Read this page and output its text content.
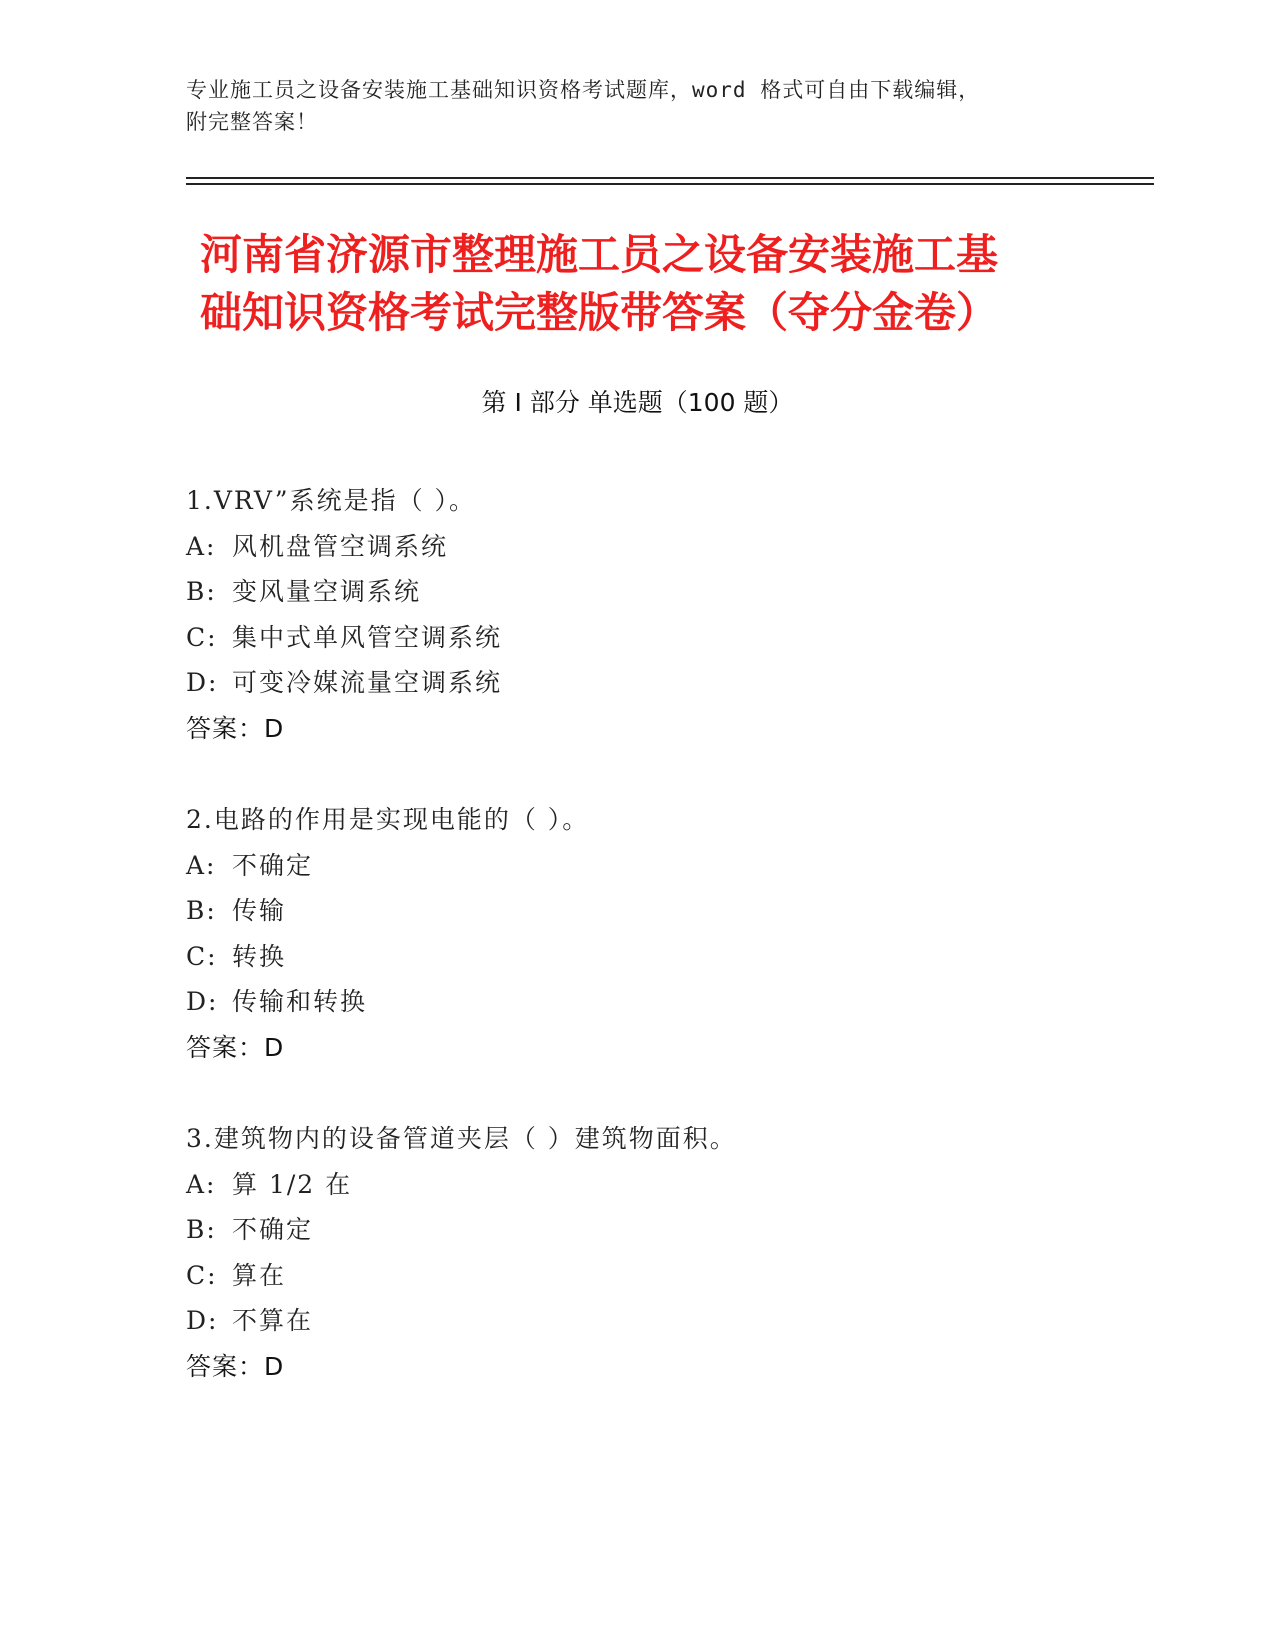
专业施工员之设备安装施工基础知识资格考试题库，word 格式可自由下载编辑，
附完整答案！
河南省济源市整理施工员之设备安装施工基
础知识资格考试完整版带答案（夺分金卷）
第 I 部分 单选题（100 题）
1.VRV”系统是指（ ）。
A: 风机盘管空调系统
B: 变风量空调系统
C: 集中式单风管空调系统
D: 可变冷媒流量空调系统
答案：D
2.电路的作用是实现电能的（ ）。
A: 不确定
B: 传输
C: 转换
D: 传输和转换
答案：D
3.建筑物内的设备管道夹层（ ）建筑物面积。
A: 算 1/2 在
B: 不确定
C: 算在
D: 不算在
答案：D
